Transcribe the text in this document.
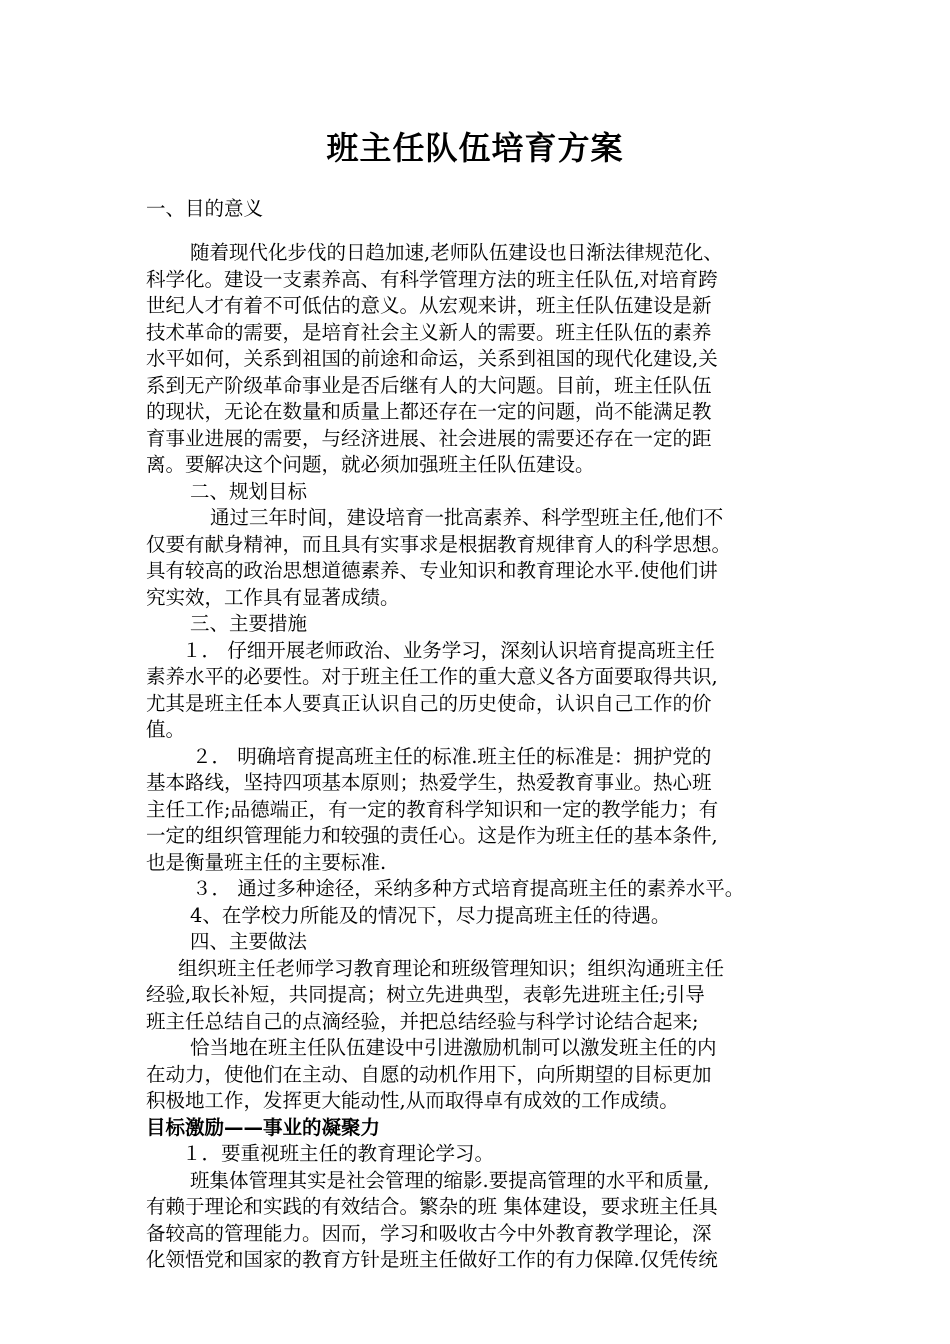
班主任队伍培育方案
一、目的意义
随着现代化步伐的日趋加速,老师队伍建设也日渐法律规范化、
科学化。建设一支素养高、有科学管理方法的班主任队伍,对培育跨
世纪人才有着不可低估的意义。从宏观来讲，班主任队伍建设是新
技术革命的需要，是培育社会主义新人的需要。班主任队伍的素养
水平如何，关系到祖国的前途和命运，关系到祖国的现代化建设,关
系到无产阶级革命事业是否后继有人的大问题。目前，班主任队伍
的现状，无论在数量和质量上都还存在一定的问题，尚不能满足教
育事业进展的需要，与经济进展、社会进展的需要还存在一定的距
离。要解决这个问题，就必须加强班主任队伍建设。
二、规划目标
通过三年时间，建设培育一批高素养、科学型班主任,他们不
仅要有献身精神，而且具有实事求是根据教育规律育人的科学思想。
具有较高的政治思想道德素养、专业知识和教育理论水平.使他们讲
究实效，工作具有显著成绩。
三、主要措施
１． 仔细开展老师政治、业务学习，深刻认识培育提高班主任
素养水平的必要性。对于班主任工作的重大意义各方面要取得共识,
尤其是班主任本人要真正认识自己的历史使命，认识自己工作的价
值。
２． 明确培育提高班主任的标准.班主任的标准是：拥护党的
基本路线，坚持四项基本原则；热爱学生，热爱教育事业。热心班
主任工作;品德端正，有一定的教育科学知识和一定的教学能力；有
一定的组织管理能力和较强的责任心。这是作为班主任的基本条件,
也是衡量班主任的主要标准.
３． 通过多种途径，采纳多种方式培育提高班主任的素养水平。
4、在学校力所能及的情况下，尽力提高班主任的待遇。
四、主要做法
组织班主任老师学习教育理论和班级管理知识；组织沟通班主任
经验,取长补短，共同提高；树立先进典型，表彰先进班主任;引导
班主任总结自己的点滴经验，并把总结经验与科学讨论结合起来;
恰当地在班主任队伍建设中引进激励机制可以激发班主任的内
在动力，使他们在主动、自愿的动机作用下，向所期望的目标更加
积极地工作，发挥更大能动性,从而取得卓有成效的工作成绩。
目标激励——事业的凝聚力
１．要重视班主任的教育理论学习。
班集体管理其实是社会管理的缩影.要提高管理的水平和质量,
有赖于理论和实践的有效结合。繁杂的班 集体建设，要求班主任具
备较高的管理能力。因而，学习和吸收古今中外教育教学理论，深
化领悟党和国家的教育方针是班主任做好工作的有力保障.仅凭传统
